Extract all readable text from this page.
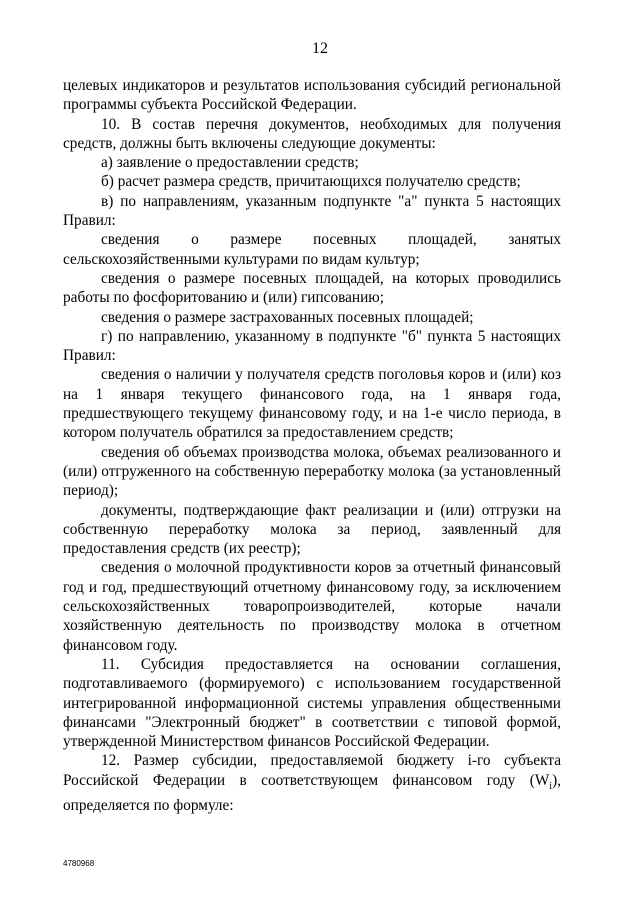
12

целевых индикаторов и результатов использования субсидий региональной программы субъекта Российской Федерации.

10. В состав перечня документов, необходимых для получения средств, должны быть включены следующие документы:

а) заявление о предоставлении средств;

б) расчет размера средств, причитающихся получателю средств;

в) по направлениям, указанным подпункте "а" пункта 5 настоящих Правил:

сведения о размере посевных площадей, занятых сельскохозяйственными культурами по видам культур;

сведения о размере посевных площадей, на которых проводились работы по фосфоритованию и (или) гипсованию;

сведения о размере застрахованных посевных площадей;

г) по направлению, указанному в подпункте "б" пункта 5 настоящих Правил:

сведения о наличии у получателя средств поголовья коров и (или) коз на 1 января текущего финансового года, на 1 января года, предшествующего текущему финансовому году, и на 1-е число периода, в котором получатель обратился за предоставлением средств;

сведения об объемах производства молока, объемах реализованного и (или) отгруженного на собственную переработку молока (за установленный период);

документы, подтверждающие факт реализации и (или) отгрузки на собственную переработку молока за период, заявленный для предоставления средств (их реестр);

сведения о молочной продуктивности коров за отчетный финансовый год и год, предшествующий отчетному финансовому году, за исключением сельскохозяйственных товаропроизводителей, которые начали хозяйственную деятельность по производству молока в отчетном финансовом году.

11. Субсидия предоставляется на основании соглашения, подготавливаемого (формируемого) с использованием государственной интегрированной информационной системы управления общественными финансами "Электронный бюджет" в соответствии с типовой формой, утвержденной Министерством финансов Российской Федерации.

12. Размер субсидии, предоставляемой бюджету i-го субъекта Российской Федерации в соответствующем финансовом году $(W_i)$, определяется по формуле:

4780968
